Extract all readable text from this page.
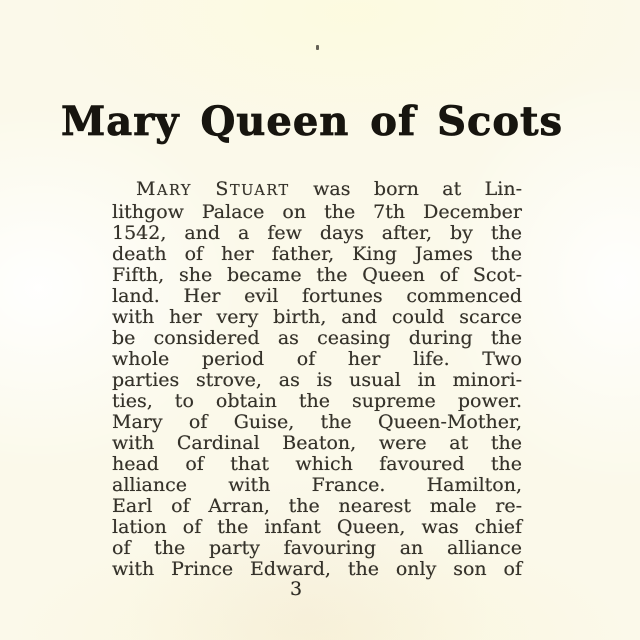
Mary Queen of Scots
MARY STUART was born at Lin-
lithgow Palace on the 7th December
1542, and a few days after, by the
death of her father, King James the
Fifth, she became the Queen of Scot-
land. Her evil fortunes commenced
with her very birth, and could scarce
be considered as ceasing during the
whole period of her life. Two
parties strove, as is usual in minori-
ties, to obtain the supreme power.
Mary of Guise, the Queen-Mother,
with Cardinal Beaton, were at the
head of that which favoured the
alliance with France. Hamilton,
Earl of Arran, the nearest male re-
lation of the infant Queen, was chief
of the party favouring an alliance
with Prince Edward, the only son of
3
